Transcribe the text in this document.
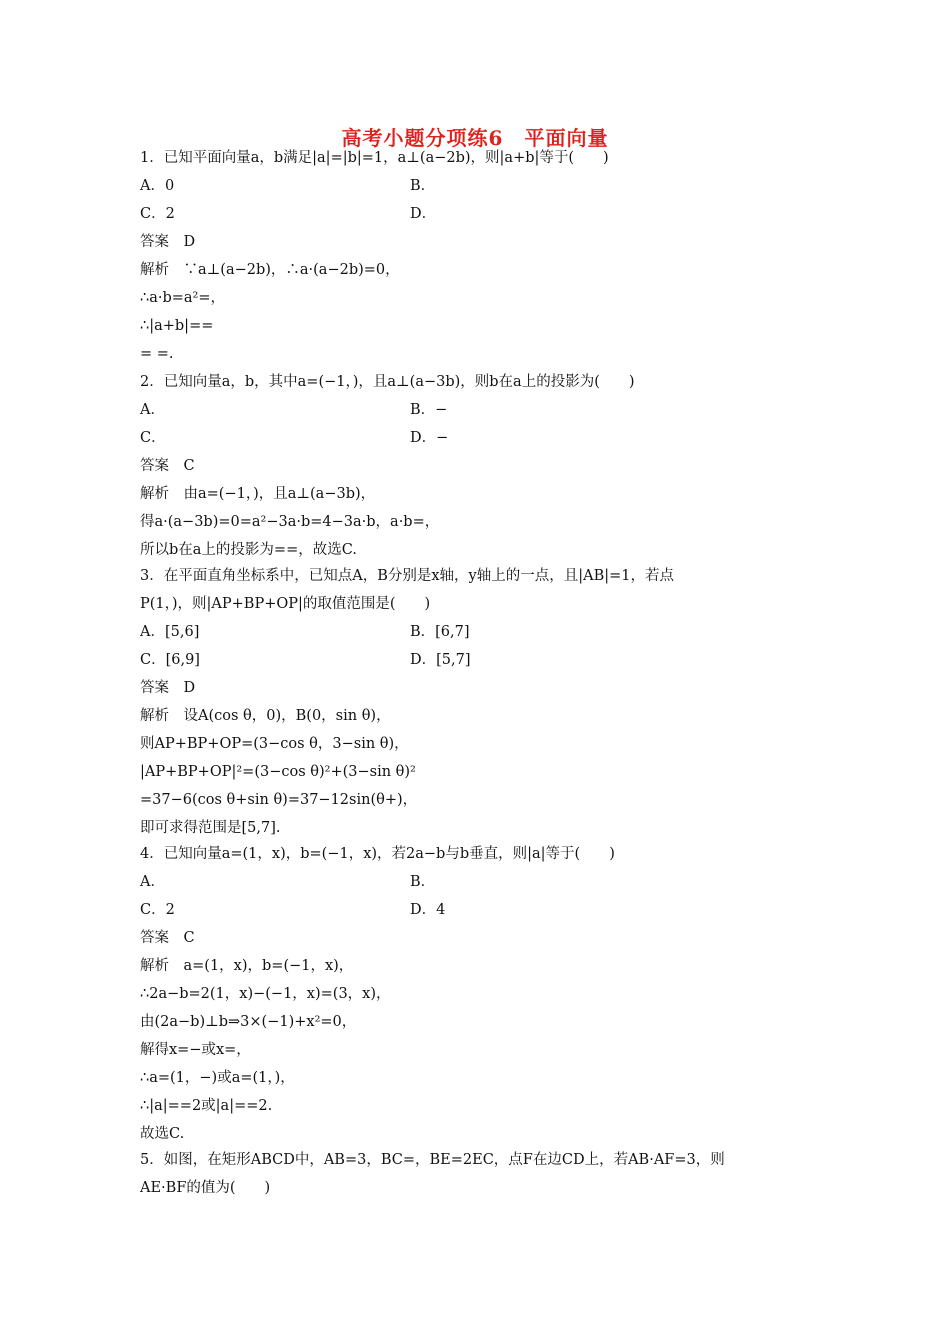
高考小题分项练6　平面向量
1．已知平面向量a，b满足|a|=|b|=1，a⊥(a−2b)，则|a+b|等于(　　)
A．0	B．
C．2	D．
答案　D
解析　∵a⊥(a−2b)，∴a·(a−2b)=0，
∴a·b=a²=，
∴|a+b|==
= =.
2．已知向量a，b，其中a=(−1，)，且a⊥(a−3b)，则b在a上的投影为(　　)
A．	B．−
C．	D．−
答案　C
解析　由a=(−1，)，且a⊥(a−3b)，
得a·(a−3b)=0=a²−3a·b=4−3a·b，a·b=，
所以b在a上的投影为==，故选C.
3．在平面直角坐标系中，已知点A，B分别是x轴，y轴上的一点，且|AB|=1，若点
P(1，)，则|AP+BP+OP|的取值范围是(　　)
A．[5,6]	B．[6,7]
C．[6,9]	D．[5,7]
答案　D
解析　设A(cos θ，0)，B(0，sin θ)，
则AP+BP+OP=(3−cos θ，3−sin θ)，
|AP+BP+OP|²=(3−cos θ)²+(3−sin θ)²
=37−6(cos θ+sin θ)=37−12sin(θ+)，
即可求得范围是[5,7].
4．已知向量a=(1，x)，b=(−1，x)，若2a−b与b垂直，则|a|等于(　　)
A．	B．
C．2	D．4
答案　C
解析　a=(1，x)，b=(−1，x)，
∴2a−b=2(1，x)−(−1，x)=(3，x)，
由(2a−b)⊥b⇒3×(−1)+x²=0，
解得x=−或x=，
∴a=(1，−)或a=(1，)，
∴|a|==2或|a|==2.
故选C.
5．如图，在矩形ABCD中，AB=3，BC=，BE=2EC，点F在边CD上，若AB·AF=3，则
AE·BF的值为(　　)
